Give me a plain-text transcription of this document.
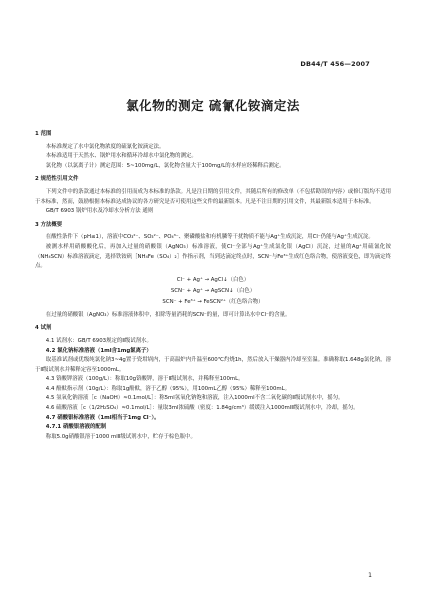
DB44/T 456—2007
氯化物的测定 硫氰化铵滴定法
1 范围
本标准规定了水中氯化物浓度的硫氰化铵滴定法。
本标准适用于天然水、锅炉用水和循环冷却水中氯化物的测定。
氯化物（以氯离子计）测定范围：5~100mg/L，氯化物含量大于100mg/L的水样应经稀释后测定。
2 规范性引用文件
下列文件中的条款通过本标准的引用而成为本标准的条款。凡是注日期的引用文件，其随后所有的修改单（不包括勘误的内容）或修订版均不适用于本标准，然而，鼓励根据本标准达成协议的各方研究是否可使用这些文件的最新版本。凡是不注日期的引用文件，其最新版本适用于本标准。
GB/T 6903 锅炉用水及冷却水分析方法 通则
3 方法概要
在酸性条件下（pH≤1），溶液中CO₃²⁻、SO₃²⁻、PO₄³⁻、聚磷酸盐和有机膦等干扰物质不能与Ag⁺生成沉淀，用Cl⁻仍能与Ag⁺生成沉淀。
被测水样用硝酸酸化后，再加入过量的硝酸银（AgNO₃）标准溶液，使Cl⁻全部与Ag⁺生成氯化银（AgCl）沉淀，过量的Ag⁺用硫氰化铵（NH₄SCN）标准溶液滴定，选择铁铵矾［NH₄Fe（SO₄）₂］作指示剂，当到达滴定终点时，SCN⁻与Fe³⁺生成红色络合物，使溶液变色，即为滴定终点。
Cl⁻ + Ag⁺ → AgCl↓（白色）
SCN⁻ + Ag⁺ → AgSCN↓（白色）
SCN⁻ + Fe³⁺ → FeSCN²⁺（红色络合物）
在过量的硝酸银（AgNO₃）标准溶液体积中，扣除等量消耗的SCN⁻的量，即可计算出水中Cl⁻的含量。
4 试剂
4.1 试剂水：GB/T 6903规定的Ⅱ级试剂水。
4.2 氯化钠标准溶液（1ml含1mg氯离子）
取基准试剂或优级纯氯化钠3~4g置于瓷坩埚内，于高温炉内升温至600℃灼烧1h，然后放入干燥器内冷却至室温。准确称取1.648g氯化钠，溶于Ⅱ级试剂水并稀释定容至1000mL。
4.3 铬酸钾溶液（100g/L）：称取10g铬酸钾，溶于Ⅱ级试剂水，并稀释至100mL。
4.4 酚酞指示剂（10g/L）：称取1g酚酞，溶于乙醇（95%），用100mL乙醇（95%）稀释至100mL。
4.5 氢氧化钠溶液［c（NaOH）≈0.1mol/L］：称5ml氢氧化钠饱和溶液，注入1000ml不含二氧化碳的Ⅱ级试剂水中，摇匀。
4.6 硫酸溶液［c（1/2H₂SO₄）≈0.1mol/L］：量取3ml浓硫酸（密度：1.84g/cm³）缓缓注入1000mlⅡ级试剂水中，冷却，摇匀。
4.7 硝酸银标准溶液（1ml相当于1mg Cl⁻）。
4.7.1 硝酸银溶液的配制
称取5.0g硝酸银溶于1000 mlⅡ级试剂水中，贮存于棕色瓶中。
1
